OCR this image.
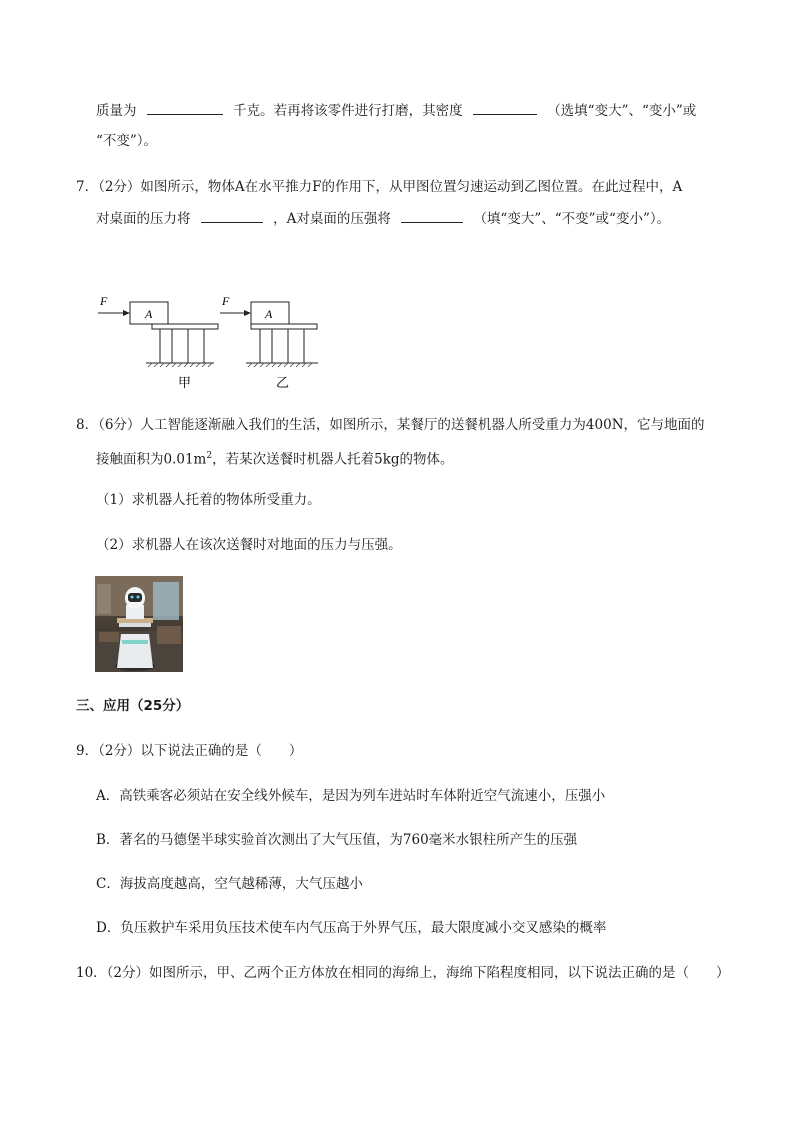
质量为	千克。若再将该零件进行打磨，其密度	（选填“变大”、“变小”或
“不变”）。
7．（2分）如图所示，物体A在水平推力F的作用下，从甲图位置匀速运动到乙图位置。在此过程中，A
对桌面的压力将	，A对桌面的压强将	（填“变大”、“不变”或“变小”）。
F
A
甲
F
A
乙
8．（6分）人工智能逐渐融入我们的生活，如图所示，某餐厅的送餐机器人所受重力为400N，它与地面的
接触面积为$0.01m^2$，若某次送餐时机器人托着5kg的物体。
（1）求机器人托着的物体所受重力。
（2）求机器人在该次送餐时对地面的压力与压强。
三、应用（25分）
9．（2分）以下说法正确的是（　　）
A．高铁乘客必须站在安全线外候车，是因为列车进站时车体附近空气流速小，压强小
B．著名的马德堡半球实验首次测出了大气压值，为760毫米水银柱所产生的压强
C．海拔高度越高，空气越稀薄，大气压越小
D．负压救护车采用负压技术使车内气压高于外界气压，最大限度减小交叉感染的概率
10．（2分）如图所示，甲、乙两个正方体放在相同的海绵上，海绵下陷程度相同，以下说法正确的是（　　）
